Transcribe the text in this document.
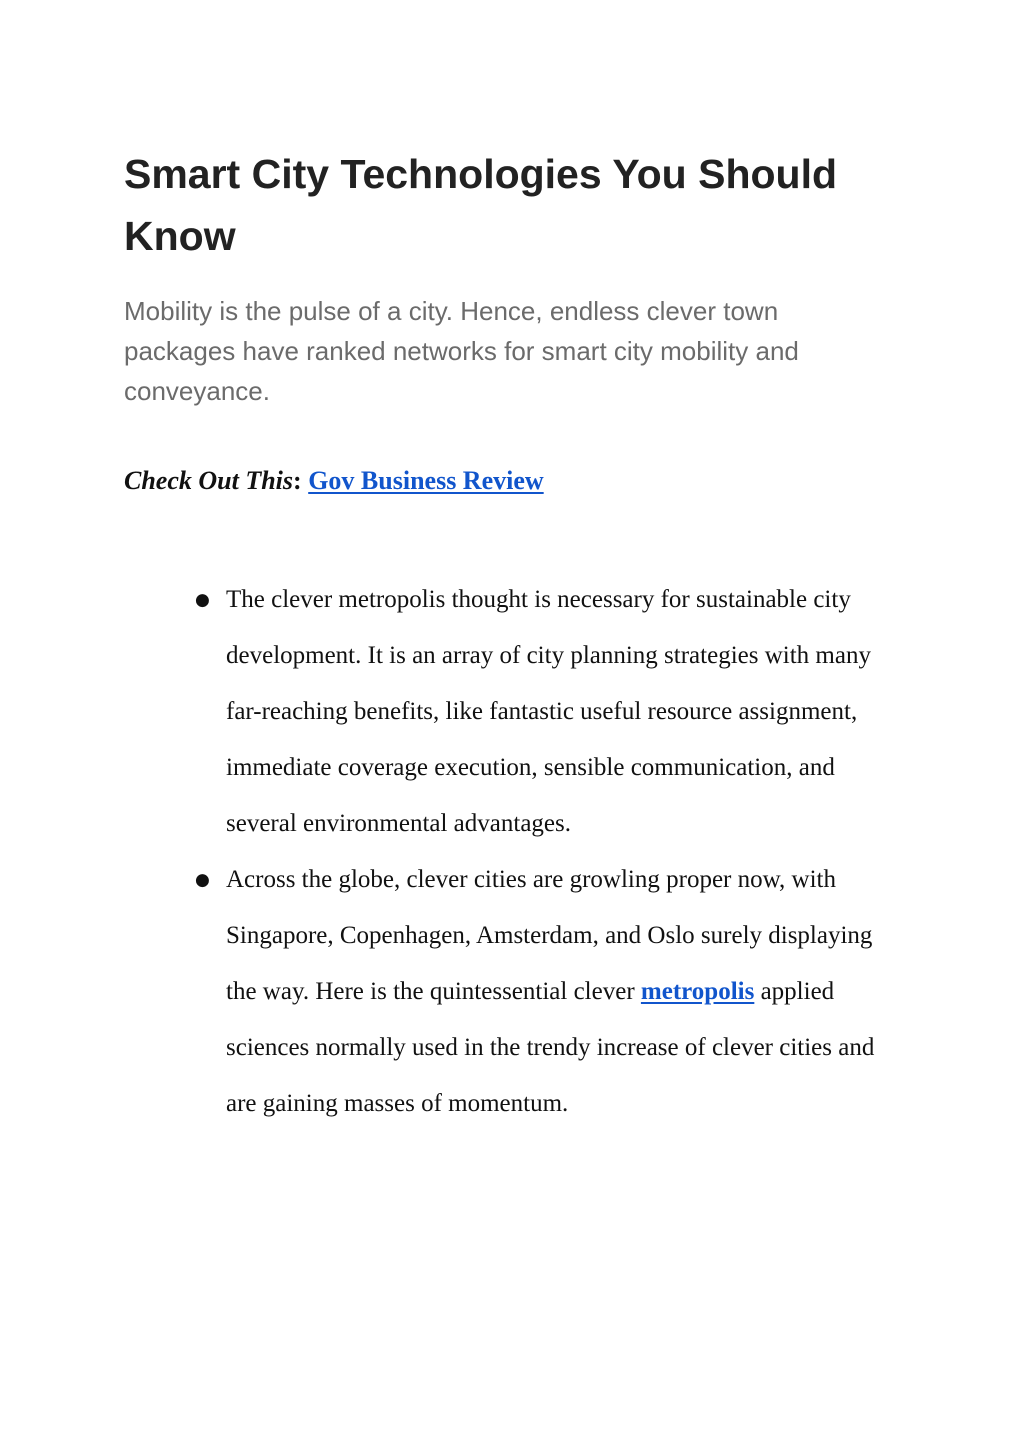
Smart City Technologies You Should Know

Mobility is the pulse of a city. Hence, endless clever town packages have ranked networks for smart city mobility and conveyance.

Check Out This: Gov Business Review

● The clever metropolis thought is necessary for sustainable city development. It is an array of city planning strategies with many far-reaching benefits, like fantastic useful resource assignment, immediate coverage execution, sensible communication, and several environmental advantages.
● Across the globe, clever cities are growling proper now, with Singapore, Copenhagen, Amsterdam, and Oslo surely displaying the way. Here is the quintessential clever metropolis applied sciences normally used in the trendy increase of clever cities and are gaining masses of momentum.
